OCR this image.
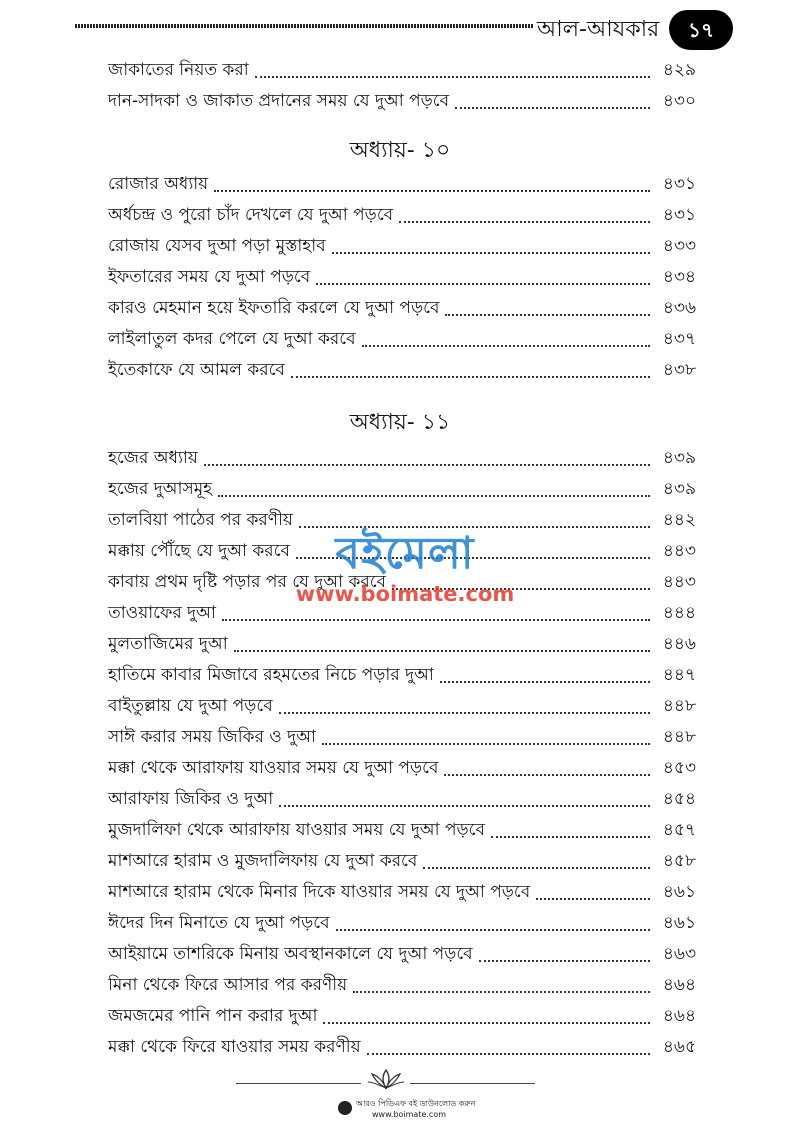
আল-আযকার	১৭
জাকাতের নিয়ত করা	৪২৯
দান-সাদকা ও জাকাত প্রদানের সময় যে দুআ পড়বে	৪৩০
অধ্যায়- ১০
রোজার অধ্যায়	৪৩১
অর্ধচন্দ্র ও পুরো চাঁদ দেখলে যে দুআ পড়বে	৪৩১
রোজায় যেসব দুআ পড়া মুস্তাহাব	৪৩৩
ইফতারের সময় যে দুআ পড়বে	৪৩৪
কারও মেহমান হয়ে ইফতারি করলে যে দুআ পড়বে	৪৩৬
লাইলাতুল কদর পেলে যে দুআ করবে	৪৩৭
ইতেকাফে যে আমল করবে	৪৩৮
অধ্যায়- ১১
হজের অধ্যায়	৪৩৯
হজের দুআসমূহ	৪৩৯
তালবিয়া পাঠের পর করণীয়	৪৪২
মক্কায় পৌঁছে যে দুআ করবে	৪৪৩
কাবায় প্রথম দৃষ্টি পড়ার পর যে দুআ করবে	৪৪৩
তাওয়াফের দুআ	৪৪৪
মুলতাজিমের দুআ	৪৪৬
হাতিমে কাবার মিজাবে রহমতের নিচে পড়ার দুআ	৪৪৭
বাইতুল্লায় যে দুআ পড়বে	৪৪৮
সাঈ করার সময় জিকির ও দুআ	৪৪৮
মক্কা থেকে আরাফায় যাওয়ার সময় যে দুআ পড়বে	৪৫৩
আরাফায় জিকির ও দুআ	৪৫৪
মুজদালিফা থেকে আরাফায় যাওয়ার সময় যে দুআ পড়বে	৪৫৭
মাশআরে হারাম ও মুজদালিফায় যে দুআ করবে	৪৫৮
মাশআরে হারাম থেকে মিনার দিকে যাওয়ার সময় যে দুআ পড়বে	৪৬১
ঈদের দিন মিনাতে যে দুআ পড়বে	৪৬১
আইয়ামে তাশরিকে মিনায় অবস্থানকালে যে দুআ পড়বে	৪৬৩
মিনা থেকে ফিরে আসার পর করণীয়	৪৬৪
জমজমের পানি পান করার দুআ	৪৬৪
মক্কা থেকে ফিরে যাওয়ার সময় করণীয়	৪৬৫
বইমেলা
www.boimate.com
আরও পিডিএফ বই ডাউনলোড করুন
www.boimate.com
